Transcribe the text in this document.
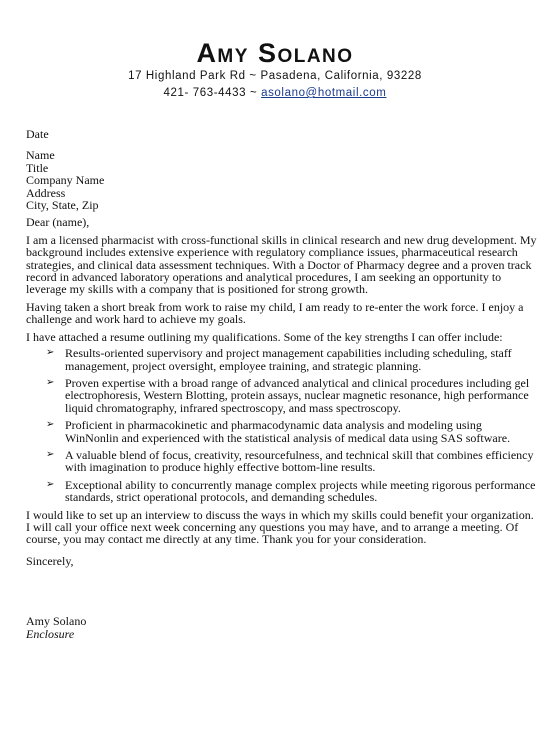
Amy Solano
17 Highland Park Rd ~ Pasadena, California, 93228
421- 763-4433 ~ asolano@hotmail.com
Date
Name
Title
Company Name
Address
City, State, Zip
Dear (name),
I am a licensed pharmacist with cross-functional skills in clinical research and new drug development. My
background includes extensive experience with regulatory compliance issues, pharmaceutical research
strategies, and clinical data assessment techniques. With a Doctor of Pharmacy degree and a proven track
record in advanced laboratory operations and analytical procedures, I am seeking an opportunity to
leverage my skills with a company that is positioned for strong growth.
Having taken a short break from work to raise my child, I am ready to re-enter the work force. I enjoy a
challenge and work hard to achieve my goals.
I have attached a resume outlining my qualifications. Some of the key strengths I can offer include:
➢ Results-oriented supervisory and project management capabilities including scheduling, staff
management, project oversight, employee training, and strategic planning.
➢ Proven expertise with a broad range of advanced analytical and clinical procedures including gel
electrophoresis, Western Blotting, protein assays, nuclear magnetic resonance, high performance
liquid chromatography, infrared spectroscopy, and mass spectroscopy.
➢ Proficient in pharmacokinetic and pharmacodynamic data analysis and modeling using
WinNonlin and experienced with the statistical analysis of medical data using SAS software.
➢ A valuable blend of focus, creativity, resourcefulness, and technical skill that combines efficiency
with imagination to produce highly effective bottom-line results.
➢ Exceptional ability to concurrently manage complex projects while meeting rigorous performance
standards, strict operational protocols, and demanding schedules.
I would like to set up an interview to discuss the ways in which my skills could benefit your organization.
I will call your office next week concerning any questions you may have, and to arrange a meeting. Of
course, you may contact me directly at any time. Thank you for your consideration.
Sincerely,
Amy Solano
Enclosure
